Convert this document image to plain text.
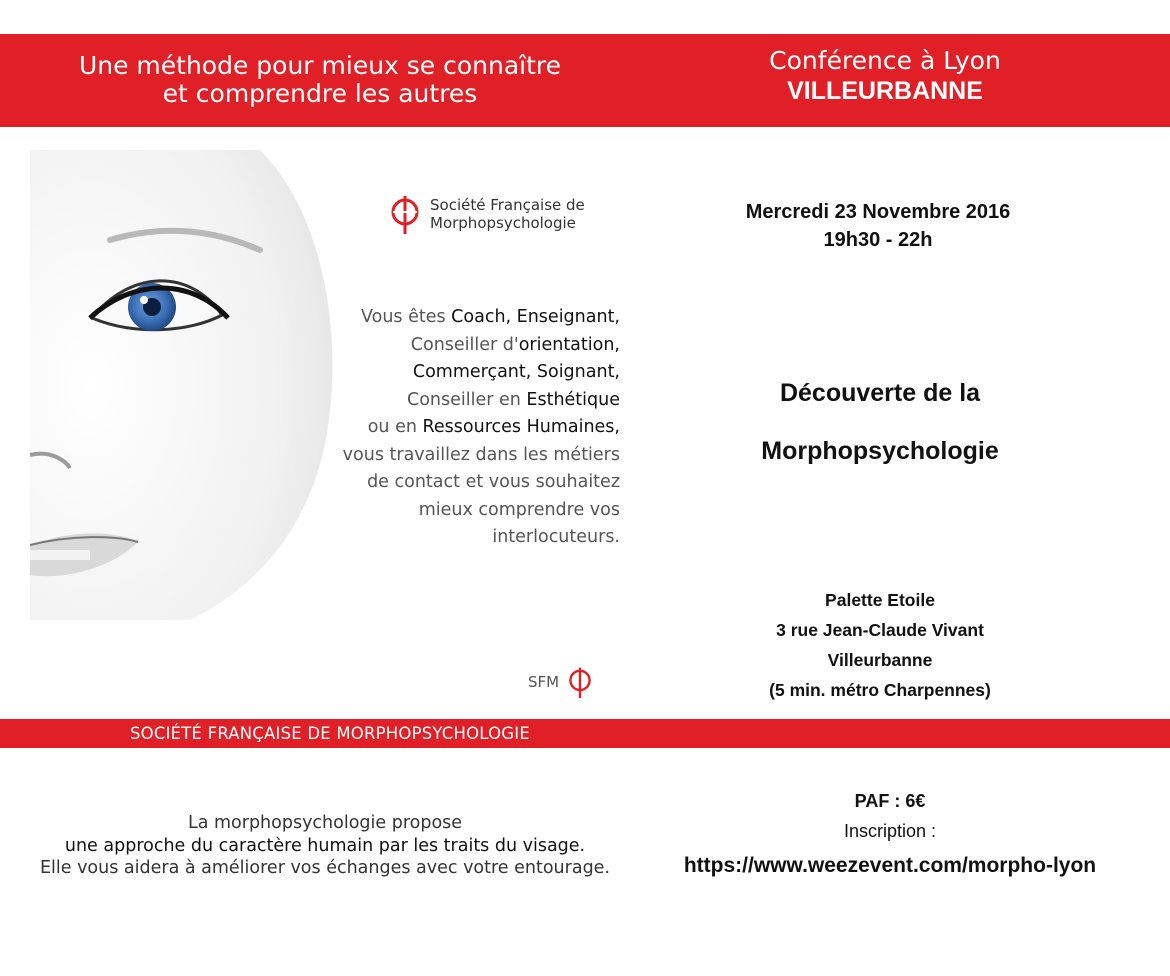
Une méthode pour mieux se connaître
et comprendre les autres
Conférence à Lyon
VILLEURBANNE
Société Française de
Morphopsychologie
Vous êtes Coach, Enseignant,
Conseiller d'orientation,
Commerçant, Soignant,
Conseiller en Esthétique
ou en Ressources Humaines,
vous travaillez dans les métiers
de contact et vous souhaitez
mieux comprendre vos
interlocuteurs.
SFM
Mercredi 23 Novembre 2016
19h30 - 22h
Découverte de la
Morphopsychologie
Palette Etoile
3 rue Jean-Claude Vivant
Villeurbanne
(5 min. métro Charpennes)
SOCIÉTÉ FRANÇAISE DE MORPHOPSYCHOLOGIE
La morphopsychologie propose
une approche du caractère humain par les traits du visage.
Elle vous aidera à améliorer vos échanges avec votre entourage.
PAF : 6€
Inscription :
https://www.weezevent.com/morpho-lyon
